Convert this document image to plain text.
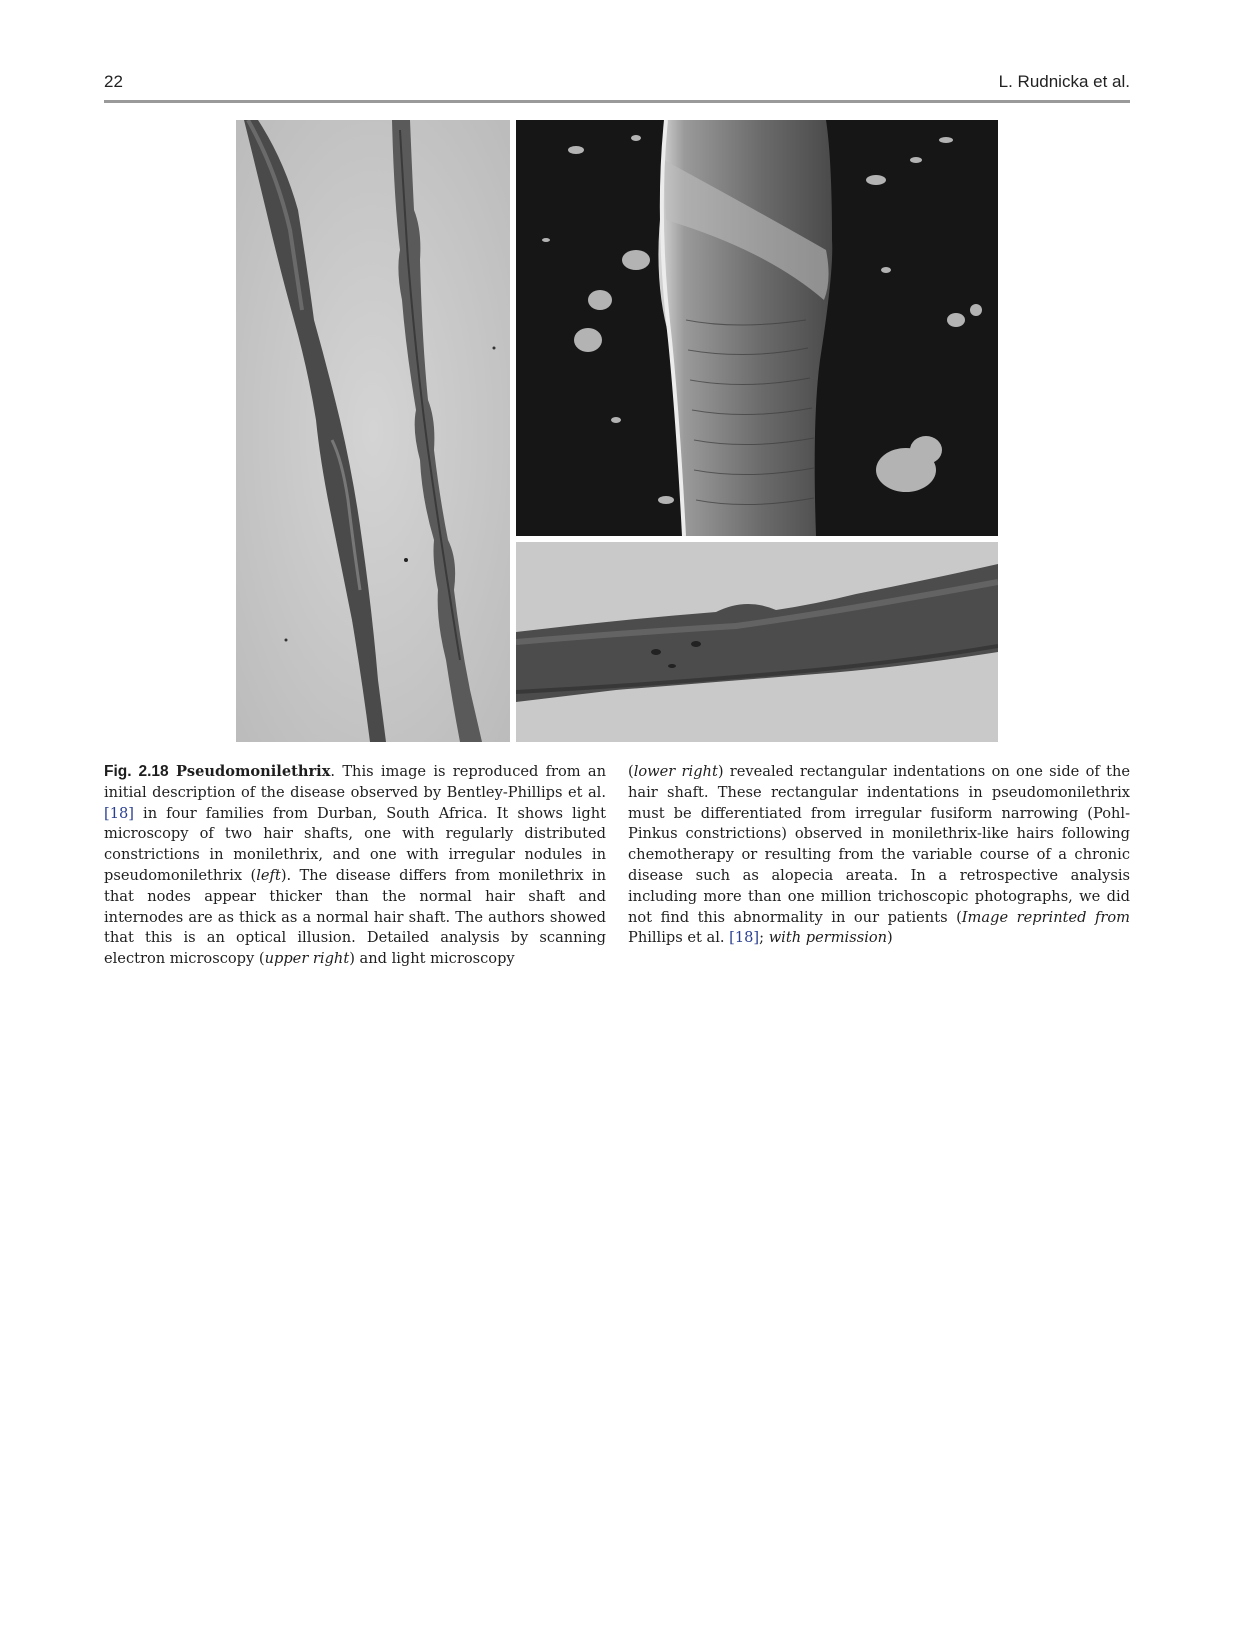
22	L. Rudnicka et al.
Fig. 2.18 Pseudomonilethrix. This image is reproduced from an initial description of the disease observed by Bentley-Phillips et al. [18] in four families from Durban, South Africa. It shows light microscopy of two hair shafts, one with regularly distributed constrictions in monilethrix, and one with irregular nodules in pseudomonilethrix (left). The disease differs from monilethrix in that nodes appear thicker than the normal hair shaft and internodes are as thick as a normal hair shaft. The authors showed that this is an optical illusion. Detailed analysis by scanning electron microscopy (upper right) and light microscopy
(lower right) revealed rectangular indentations on one side of the hair shaft. These rectangular indentations in pseudomonilethrix must be differentiated from irregular fusiform narrowing (Pohl-Pinkus constrictions) observed in monilethrix-like hairs following chemotherapy or resulting from the variable course of a chronic disease such as alopecia areata. In a retrospective analysis including more than one million trichoscopic photographs, we did not find this abnormality in our patients (Image reprinted from Phillips et al. [18]; with permission)
